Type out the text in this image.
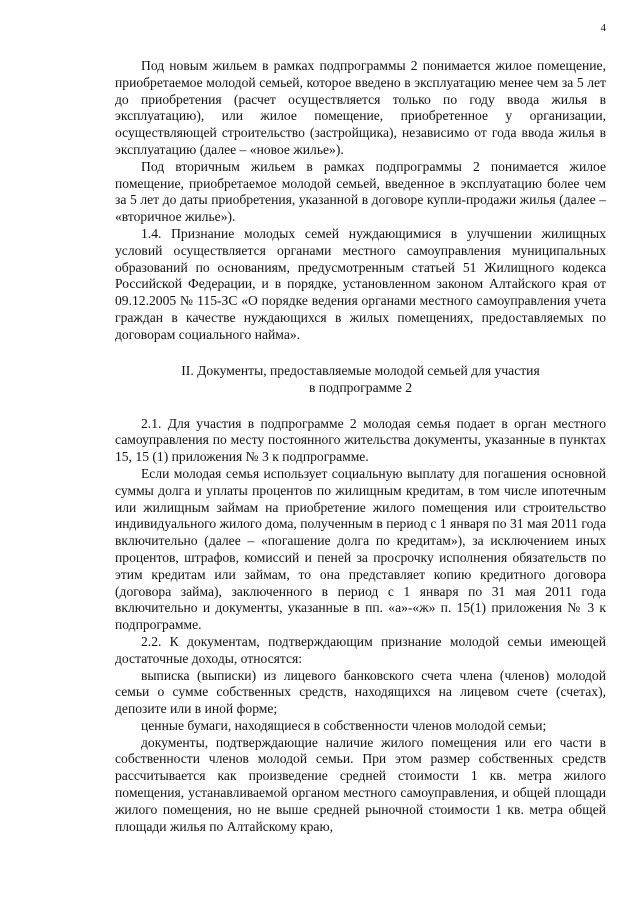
4

Под новым жильем в рамках подпрограммы 2 понимается жилое помещение, приобретаемое молодой семьей, которое введено в эксплуатацию менее чем за 5 лет до приобретения (расчет осуществляется только по году ввода жилья в эксплуатацию), или жилое помещение, приобретенное у организации, осуществляющей строительство (застройщика), независимо от года ввода жилья в эксплуатацию (далее – «новое жилье»).

Под вторичным жильем в рамках подпрограммы 2 понимается жилое помещение, приобретаемое молодой семьей, введенное в эксплуатацию более чем за 5 лет до даты приобретения, указанной в договоре купли-продажи жилья (далее – «вторичное жилье»).

1.4. Признание молодых семей нуждающимися в улучшении жилищных условий осуществляется органами местного самоуправления муниципальных образований по основаниям, предусмотренным статьей 51 Жилищного кодекса Российской Федерации, и в порядке, установленном законом Алтайского края от 09.12.2005 № 115-ЗС «О порядке ведения органами местного самоуправления учета граждан в качестве нуждающихся в жилых помещениях, предоставляемых по договорам социального найма».

II. Документы, предоставляемые молодой семьей для участия
в подпрограмме 2

2.1. Для участия в подпрограмме 2 молодая семья подает в орган местного самоуправления по месту постоянного жительства документы, указанные в пунктах 15, 15 (1) приложения № 3 к подпрограмме.

Если молодая семья использует социальную выплату для погашения основной суммы долга и уплаты процентов по жилищным кредитам, в том числе ипотечным или жилищным займам на приобретение жилого помещения или строительство индивидуального жилого дома, полученным в период с 1 января по 31 мая 2011 года включительно (далее – «погашение долга по кредитам»), за исключением иных процентов, штрафов, комиссий и пеней за просрочку исполнения обязательств по этим кредитам или займам, то она представляет копию кредитного договора (договора займа), заключенного в период с 1 января по 31 мая 2011 года включительно и документы, указанные в пп. «а»-«ж» п. 15(1) приложения № 3 к подпрограмме.

2.2. К документам, подтверждающим признание молодой семьи имеющей достаточные доходы, относятся:

выписка (выписки) из лицевого банковского счета члена (членов) молодой семьи о сумме собственных средств, находящихся на лицевом счете (счетах), депозите или в иной форме;

ценные бумаги, находящиеся в собственности членов молодой семьи;

документы, подтверждающие наличие жилого помещения или его части в собственности членов молодой семьи. При этом размер собственных средств рассчитывается как произведение средней стоимости 1 кв. метра жилого помещения, устанавливаемой органом местного самоуправления, и общей площади жилого помещения, но не выше средней рыночной стоимости 1 кв. метра общей площади жилья по Алтайскому краю,
